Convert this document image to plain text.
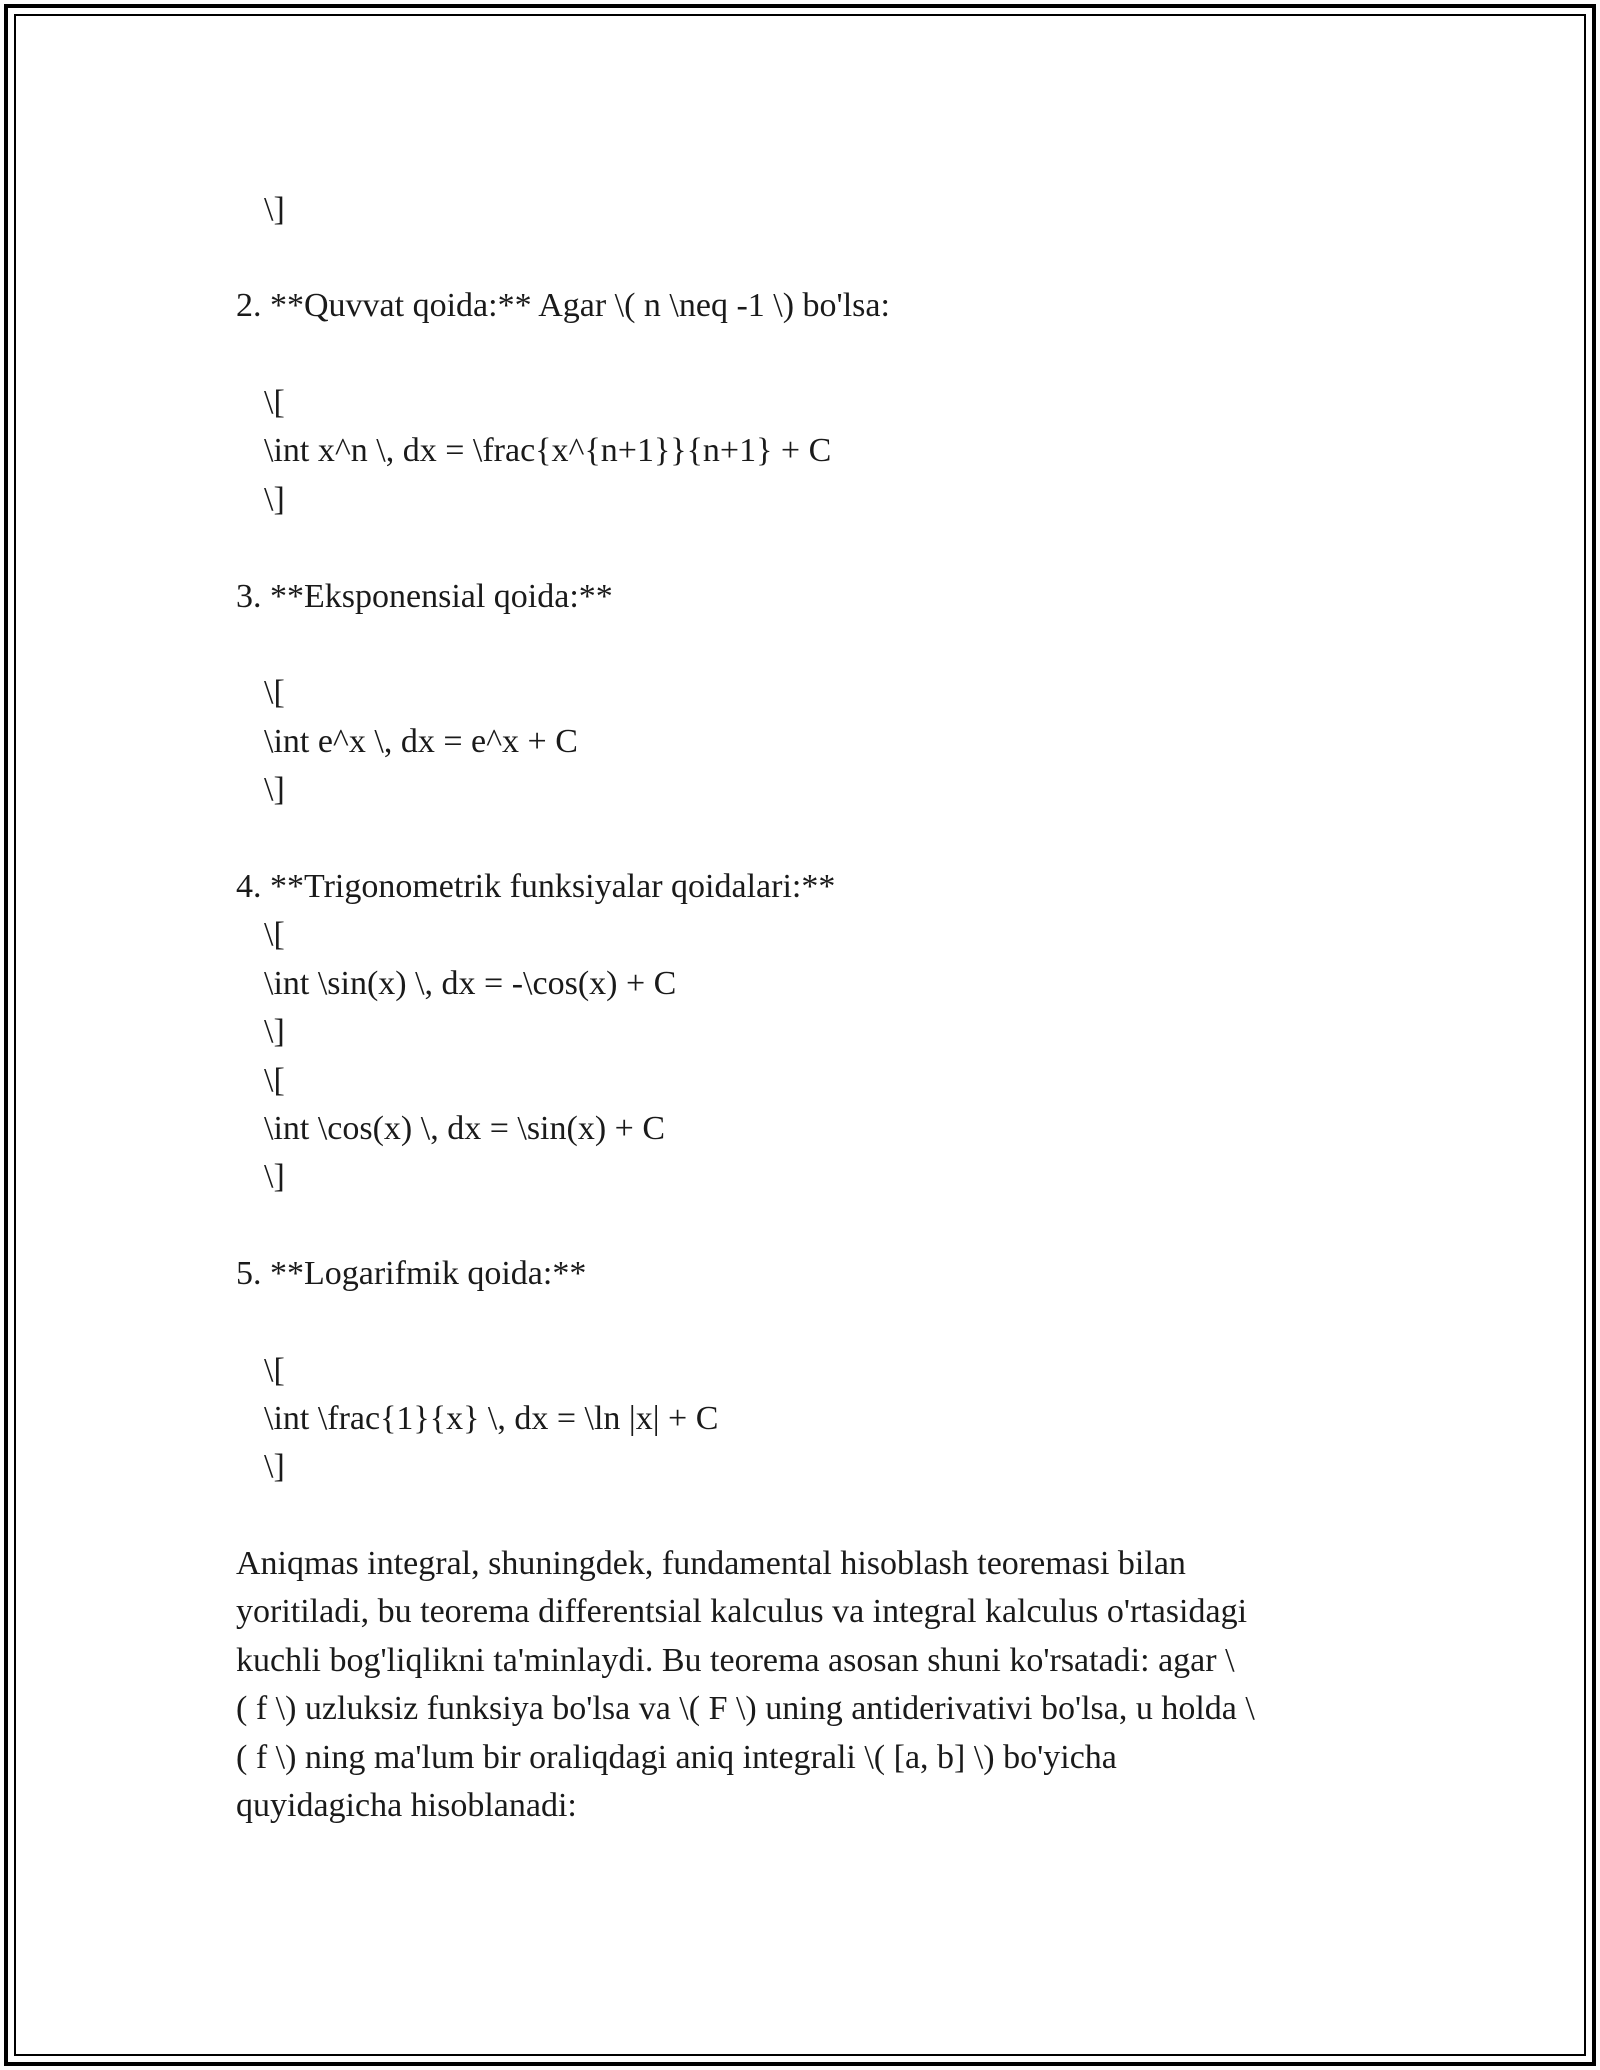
\]
2. **Quvvat qoida:** Agar \( n \neq -1 \) bo'lsa:
\[
\int x^n \, dx = \frac{x^{n+1}}{n+1} + C
\]
3. **Eksponensial qoida:**
\[
\int e^x \, dx = e^x + C
\]
4. **Trigonometrik funksiyalar qoidalari:**
\[
\int \sin(x) \, dx = -\cos(x) + C
\]
\[
\int \cos(x) \, dx = \sin(x) + C
\]
5. **Logarifmik qoida:**
\[
\int \frac{1}{x} \, dx = \ln |x| + C
\]
Aniqmas integral, shuningdek, fundamental hisoblash teoremasi bilan
yoritiladi, bu teorema differentsial kalculus va integral kalculus o'rtasidagi
kuchli bog'liqlikni ta'minlaydi. Bu teorema asosan shuni ko'rsatadi: agar \
( f \) uzluksiz funksiya bo'lsa va \( F \) uning antiderivativi bo'lsa, u holda \
( f \) ning ma'lum bir oraliqdagi aniq integrali \( [a, b] \) bo'yicha
quyidagicha hisoblanadi:
